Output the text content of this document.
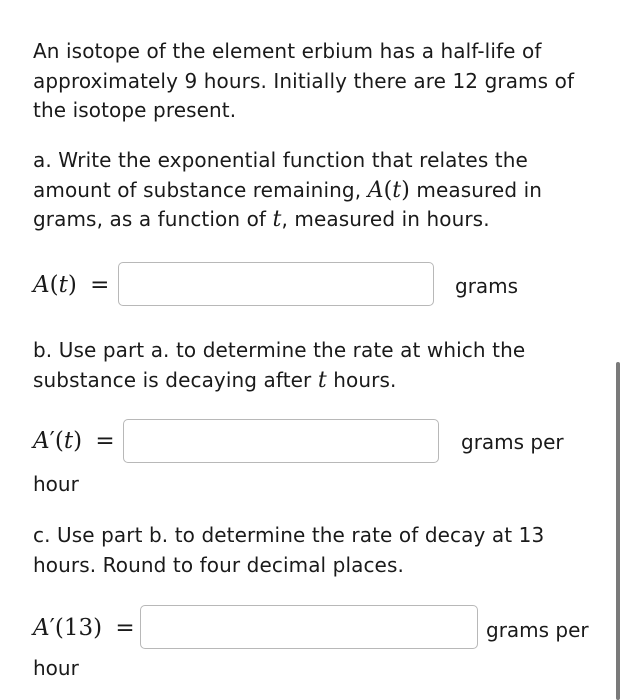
An isotope of the element erbium has a half-life of approximately 9 hours. Initially there are 12 grams of the isotope present.
a. Write the exponential function that relates the amount of substance remaining, A(t) measured in grams, as a function of t, measured in hours.
A(t) =	grams
b. Use part a. to determine the rate at which the substance is decaying after t hours.
A′(t) =	grams per
hour
c. Use part b. to determine the rate of decay at 13 hours. Round to four decimal places.
A′(13) =	grams per
hour
